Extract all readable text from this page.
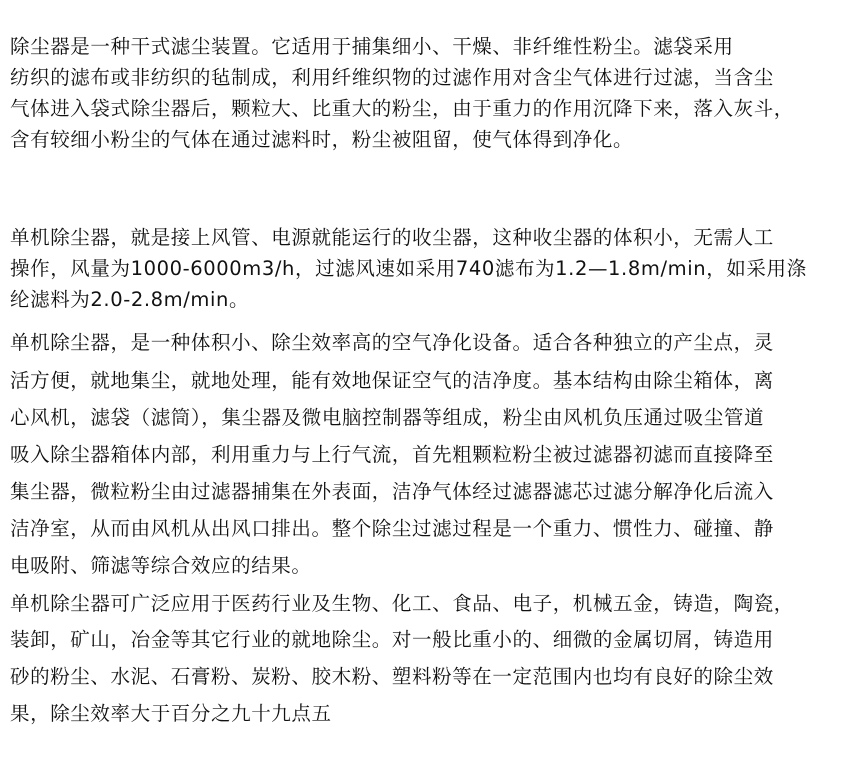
除尘器是一种干式滤尘装置。它适用于捕集细小、干燥、非纤维性粉尘。滤袋采用
纺织的滤布或非纺织的毡制成，利用纤维织物的过滤作用对含尘气体进行过滤，当含尘
气体进入袋式除尘器后，颗粒大、比重大的粉尘，由于重力的作用沉降下来，落入灰斗，
含有较细小粉尘的气体在通过滤料时，粉尘被阻留，使气体得到净化。
单机除尘器，就是接上风管、电源就能运行的收尘器，这种收尘器的体积小，无需人工
操作，风量为1000-6000m3/h，过滤风速如采用740滤布为1.2—1.8m/min，如采用涤
纶滤料为2.0-2.8m/min。
单机除尘器，是一种体积小、除尘效率高的空气净化设备。适合各种独立的产尘点，灵
活方便，就地集尘，就地处理，能有效地保证空气的洁净度。基本结构由除尘箱体，离
心风机，滤袋（滤筒），集尘器及微电脑控制器等组成，粉尘由风机负压通过吸尘管道
吸入除尘器箱体内部，利用重力与上行气流，首先粗颗粒粉尘被过滤器初滤而直接降至
集尘器，微粒粉尘由过滤器捕集在外表面，洁净气体经过滤器滤芯过滤分解净化后流入
洁净室，从而由风机从出风口排出。整个除尘过滤过程是一个重力、惯性力、碰撞、静
电吸附、筛滤等综合效应的结果。
单机除尘器可广泛应用于医药行业及生物、化工、食品、电子，机械五金，铸造，陶瓷，
装卸，矿山，冶金等其它行业的就地除尘。对一般比重小的、细微的金属切屑，铸造用
砂的粉尘、水泥、石膏粉、炭粉、胶木粉、塑料粉等在一定范围内也均有良好的除尘效
果，除尘效率大于百分之九十九点五
